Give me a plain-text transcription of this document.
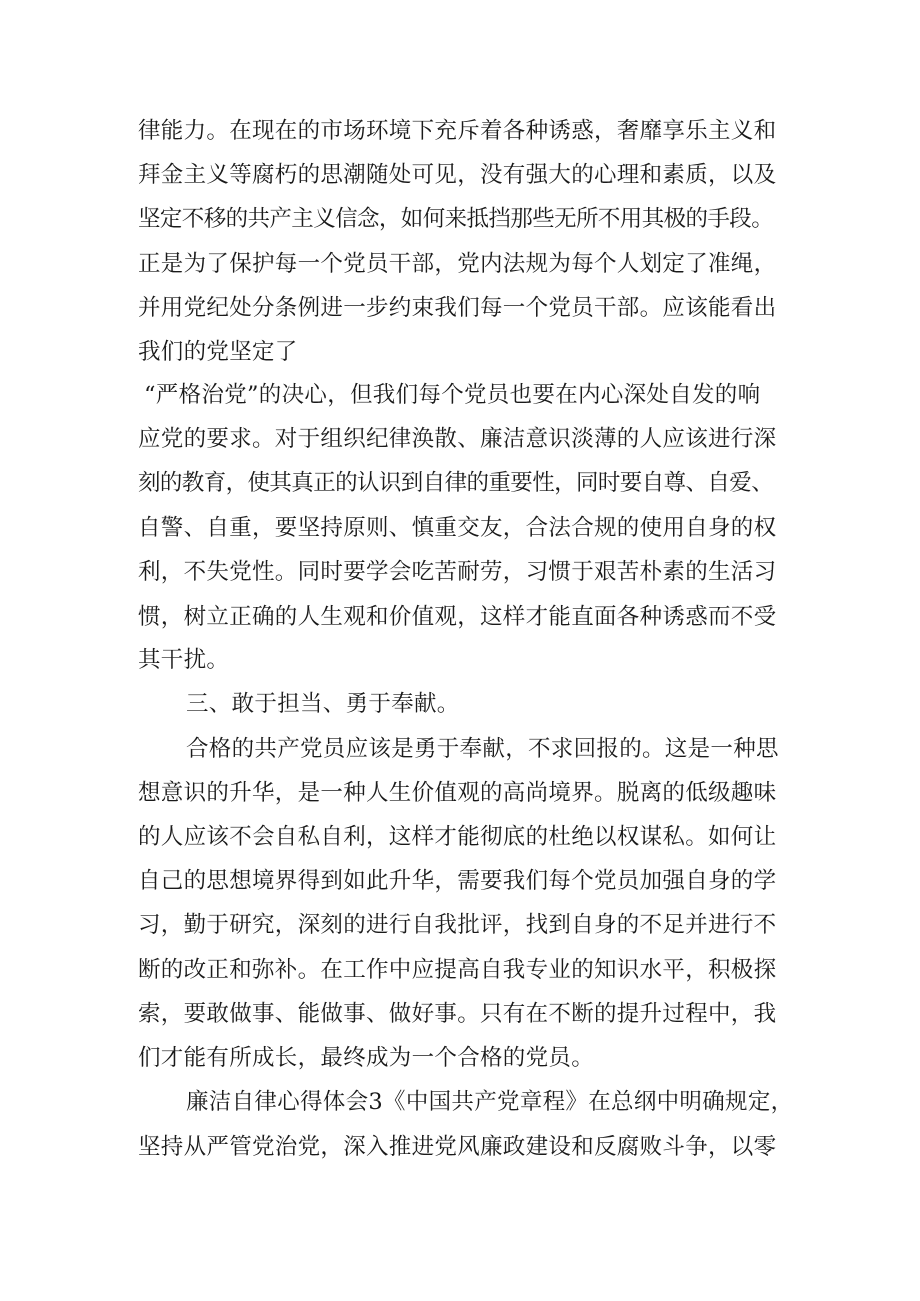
律能力。在现在的市场环境下充斥着各种诱惑，奢靡享乐主义和
拜金主义等腐朽的思潮随处可见，没有强大的心理和素质，以及
坚定不移的共产主义信念，如何来抵挡那些无所不用其极的手段。
正是为了保护每一个党员干部，党内法规为每个人划定了准绳，
并用党纪处分条例进一步约束我们每一个党员干部。应该能看出
我们的党坚定了
“严格治党”的决心，但我们每个党员也要在内心深处自发的响
应党的要求。对于组织纪律涣散、廉洁意识淡薄的人应该进行深
刻的教育，使其真正的认识到自律的重要性，同时要自尊、自爱、
自警、自重，要坚持原则、慎重交友，合法合规的使用自身的权
利，不失党性。同时要学会吃苦耐劳，习惯于艰苦朴素的生活习
惯，树立正确的人生观和价值观，这样才能直面各种诱惑而不受
其干扰。
三、敢于担当、勇于奉献。
合格的共产党员应该是勇于奉献，不求回报的。这是一种思
想意识的升华，是一种人生价值观的高尚境界。脱离的低级趣味
的人应该不会自私自利，这样才能彻底的杜绝以权谋私。如何让
自己的思想境界得到如此升华，需要我们每个党员加强自身的学
习，勤于研究，深刻的进行自我批评，找到自身的不足并进行不
断的改正和弥补。在工作中应提高自我专业的知识水平，积极探
索，要敢做事、能做事、做好事。只有在不断的提升过程中，我
们才能有所成长，最终成为一个合格的党员。
廉洁自律心得体会3《中国共产党章程》在总纲中明确规定，
坚持从严管党治党，深入推进党风廉政建设和反腐败斗争，以零
